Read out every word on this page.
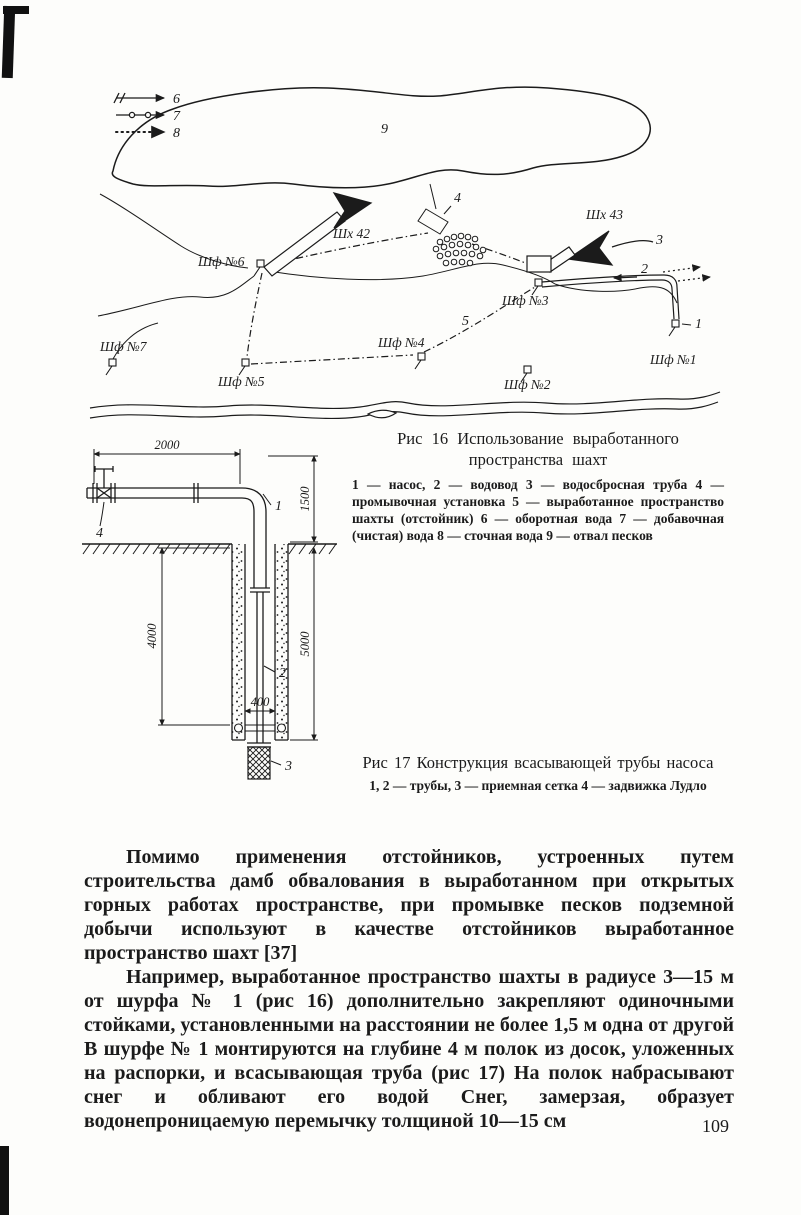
6
7
8	9
Шх 42
4
Шх 43
3
2
Шф №6
Шф №7
Шф №5
Шф №4
Шф №3
Шф №2
Шф №1
1
5
2000
4
400
1500
5000
4000
1
2
3
Рис 16 Использование выработанного пространства шахт
1 — насос, 2 — водовод 3 — водосбросная труба 4 — промывочная установка 5 — выработанное пространство шахты (отстойник) 6 — оборотная вода 7 — добавочная (чистая) вода 8 — сточная вода 9 — отвал песков
Рис 17 Конструкция всасывающей трубы насоса
1, 2 — трубы, 3 — приемная сетка 4 — задвижка Лудло

Помимо применения отстойников, устроенных путем строительства дамб обвалования в выработанном при открытых горных работах пространстве, при промывке песков подземной добычи используют в качестве отстойников выработанное пространство шахт [37]

Например, выработанное пространство шахты в радиусе 3—15 м от шурфа № 1 (рис 16) дополнительно закрепляют одиночными стойками, установленными на расстоянии не более 1,5 м одна от другой В шурфе № 1 монтируются на глубине 4 м полок из досок, уложенных на распорки, и всасывающая труба (рис 17) На полок набрасывают снег и обливают его водой Снег, замерзая, образует водонепроницаемую перемычку толщиной 10—15 см	109
